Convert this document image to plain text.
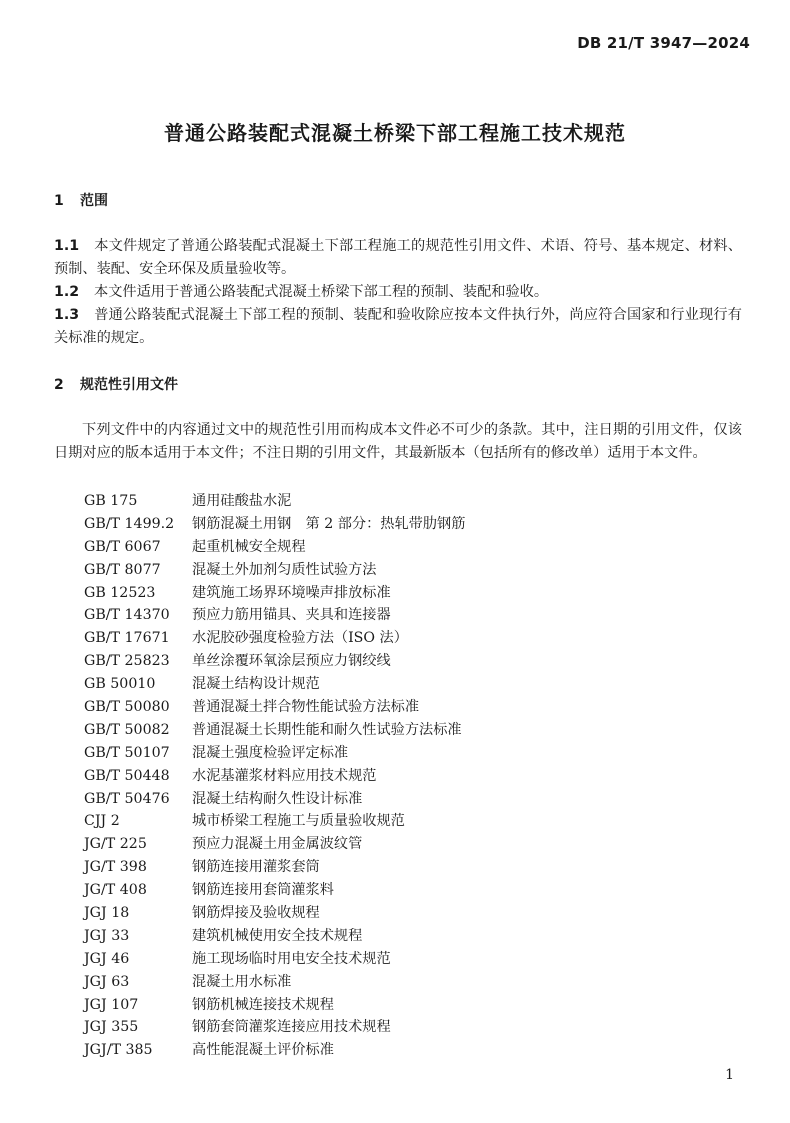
DB 21/T 3947—2024
普通公路装配式混凝土桥梁下部工程施工技术规范
1 范围
1.1 本文件规定了普通公路装配式混凝土下部工程施工的规范性引用文件、术语、符号、基本规定、材料、预制、装配、安全环保及质量验收等。
1.2 本文件适用于普通公路装配式混凝土桥梁下部工程的预制、装配和验收。
1.3 普通公路装配式混凝土下部工程的预制、装配和验收除应按本文件执行外，尚应符合国家和行业现行有关标准的规定。
2 规范性引用文件
下列文件中的内容通过文中的规范性引用而构成本文件必不可少的条款。其中，注日期的引用文件，仅该日期对应的版本适用于本文件；不注日期的引用文件，其最新版本（包括所有的修改单）适用于本文件。
GB 175	通用硅酸盐水泥
GB/T 1499.2 钢筋混凝土用钢　第 2 部分：热轧带肋钢筋
GB/T 6067 起重机械安全规程
GB/T 8077 混凝土外加剂匀质性试验方法
GB 12523	建筑施工场界环境噪声排放标准
GB/T 14370 预应力筋用锚具、夹具和连接器
GB/T 17671 水泥胶砂强度检验方法（ISO 法）
GB/T 25823 单丝涂覆环氧涂层预应力钢绞线
GB 50010	混凝土结构设计规范
GB/T 50080 普通混凝土拌合物性能试验方法标准
GB/T 50082 普通混凝土长期性能和耐久性试验方法标准
GB/T 50107 混凝土强度检验评定标准
GB/T 50448 水泥基灌浆材料应用技术规范
GB/T 50476 混凝土结构耐久性设计标准
CJJ 2	城市桥梁工程施工与质量验收规范
JG/T 225	预应力混凝土用金属波纹管
JG/T 398	钢筋连接用灌浆套筒
JG/T 408	钢筋连接用套筒灌浆料
JGJ 18	钢筋焊接及验收规程
JGJ 33	建筑机械使用安全技术规程
JGJ 46	施工现场临时用电安全技术规范
JGJ 63	混凝土用水标准
JGJ 107	钢筋机械连接技术规程
JGJ 355	钢筋套筒灌浆连接应用技术规程
JGJ/T 385	高性能混凝土评价标准
1
